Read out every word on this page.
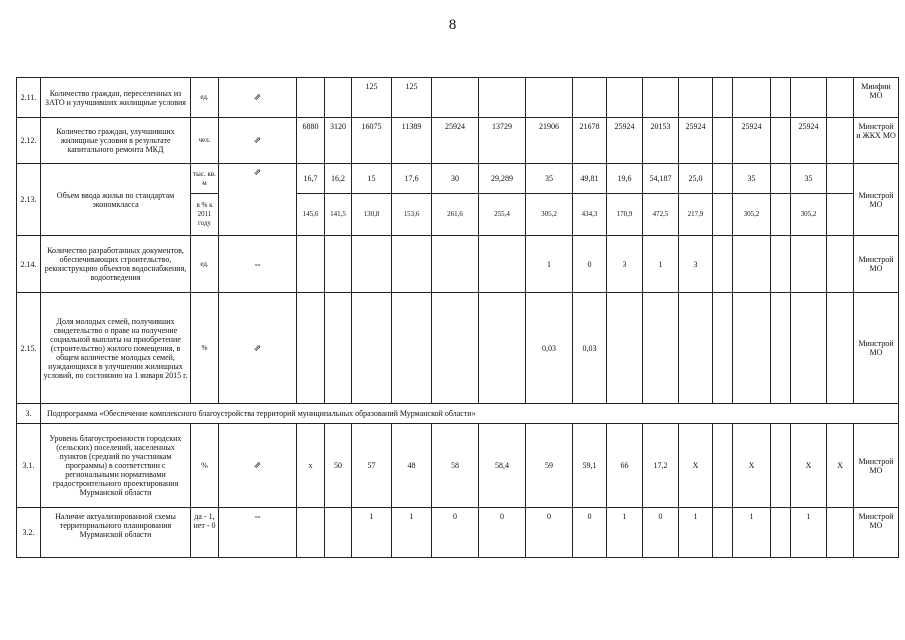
8
2.11.	Количество граждан, переселенных из ЗАТО и улучшивших жилищные условия	ед.	⇗			125	125													Минфин МО
2.12.	Количество граждан, улучшивших жилищные условия в результате капитального ремонта МКД	чел.	⇗	6880	3120	16075	11389	25924	13729	21906	21678	25924	20153	25924		25924		25924		Минстрой и ЖКХ МО
2.13.	Объем ввода жилья по стандартам экономкласса	тыс. кв. м	⇗	16,7	16,2	15	17,6	30	29,289	35	49,81	19,6	54,187	25,0		35		35		Минстрой МО
		в % к 2011 году		145,6	141,5	130,8	153,6	261,6	255,4	305,2	434,3	170,9	472,5	217,9		305,2		305,2		
2.14.	Количество разработанных документов, обеспечивающих строительство, реконструкцию объектов водоснабжения, водоотведения	ед.	⇔							1	0	3	1	3						Минстрой МО
2.15.	Доля молодых семей, получивших свидетельство о праве на получение социальной выплаты на приобретение (строительство) жилого помещения, в общем количестве молодых семей, нуждающихся в улучшении жилищных условий, по состоянию на 1 января 2015 г.	%	⇗							0,03	0,03									Минстрой МО
3.	Подпрограмма «Обеспечение комплексного благоустройства территорий муниципальных образований Мурманской области»																			
3.1.	Уровень благоустроенности городских (сельских) поселений, населенных пунктов (средний по участникам программы) в соответствии с региональными нормативами градостроительного проектирования Мурманской области	%	⇗	х	50	57	48	58	58,4	59	59,1	66	17,2	Х		Х		Х	Х	Минстрой МО
3.2.	Наличие актуализированной схемы территориального планирования Мурманской области	да - 1, нет - 0	⇔			1	1	0	0	0	0	1	0	1		1		1		Минстрой МО
